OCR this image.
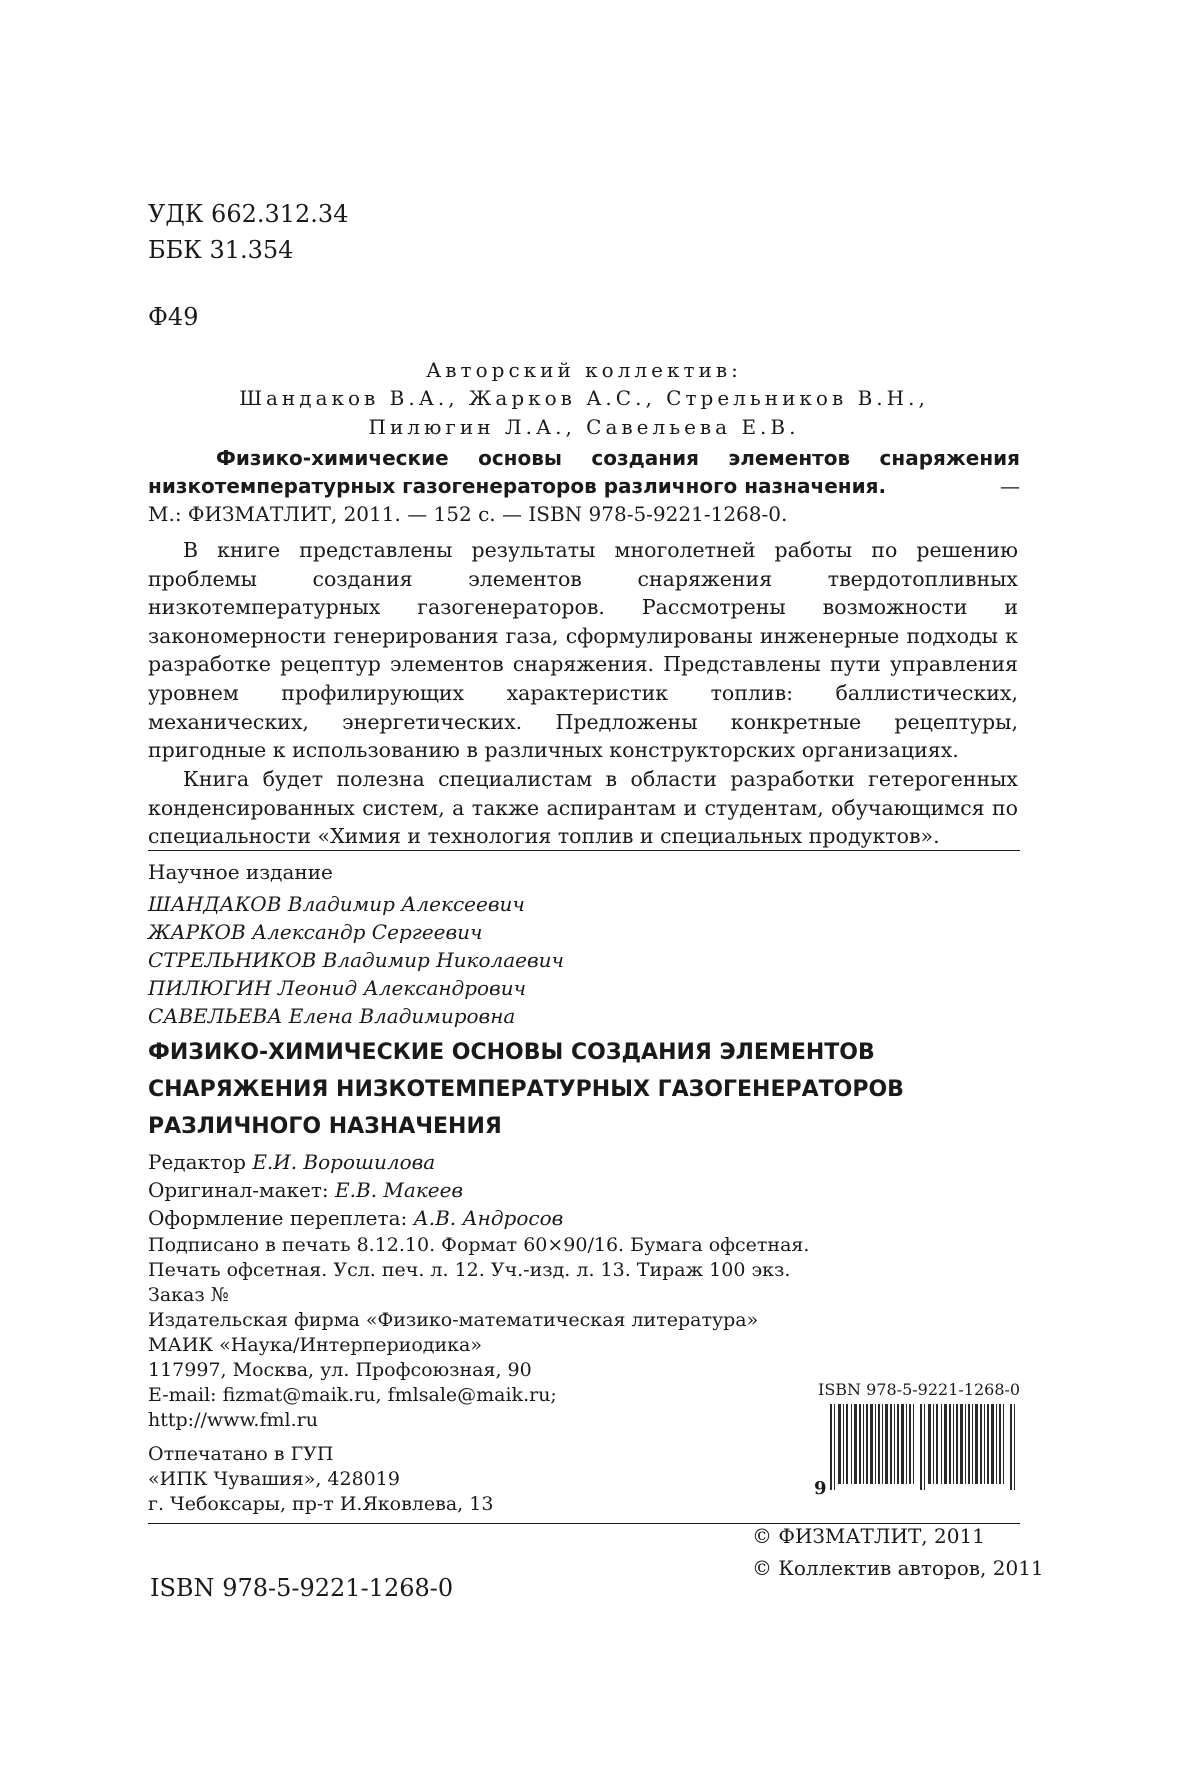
УДК 662.312.34
ББК 31.354
Ф49
Авторский коллектив:
Шандаков В.А., Жарков А.С., Стрельников В.Н.,
Пилюгин Л.А., Савельева Е.В.
Физико-химические основы создания элементов снаряжения
низкотемпературных газогенераторов различного назначения.	—
М.: ФИЗМАТЛИТ, 2011. — 152 с. — ISBN 978-5-9221-1268-0.
В книге представлены результаты многолетней работы по решению проблемы создания элементов снаряжения твердотопливных низкотемпературных газогенераторов. Рассмотрены возможности и закономерности генерирования газа, сформулированы инженерные подходы к разработке рецептур элементов снаряжения. Представлены пути управления уровнем профилирующих характеристик топлив: баллистических, механических, энергетических. Предложены конкретные рецептуры, пригодные к использованию в различных конструкторских организациях.
Книга будет полезна специалистам в области разработки гетерогенных конденсированных систем, а также аспирантам и студентам, обучающимся по специальности «Химия и технология топлив и специальных продуктов».
Научное издание
ШАНДАКОВ Владимир Алексеевич
ЖАРКОВ Александр Сергеевич
СТРЕЛЬНИКОВ Владимир Николаевич
ПИЛЮГИН Леонид Александрович
САВЕЛЬЕВА Елена Владимировна
ФИЗИКО-ХИМИЧЕСКИЕ ОСНОВЫ СОЗДАНИЯ ЭЛЕМЕНТОВ
СНАРЯЖЕНИЯ НИЗКОТЕМПЕРАТУРНЫХ ГАЗОГЕНЕРАТОРОВ
РАЗЛИЧНОГО НАЗНАЧЕНИЯ
Редактор Е.И. Ворошилова
Оригинал-макет: Е.В. Макеев
Оформление переплета: А.В. Андросов
Подписано в печать 8.12.10. Формат 60×90/16. Бумага офсетная.
Печать офсетная. Усл. печ. л. 12. Уч.-изд. л. 13. Тираж 100 экз.
Заказ №
Издательская фирма «Физико-математическая литература»
МАИК «Наука/Интерпериодика»
117997, Москва, ул. Профсоюзная, 90
E-mail: fizmat@maik.ru, fmlsale@maik.ru;
http://www.fml.ru
Отпечатано в ГУП
«ИПК Чувашия», 428019
г. Чебоксары, пр-т И.Яковлева, 13
ISBN 978-5-9221-1268-0
9
ISBN 978-5-9221-1268-0
© ФИЗМАТЛИТ, 2011
© Коллектив авторов, 2011
